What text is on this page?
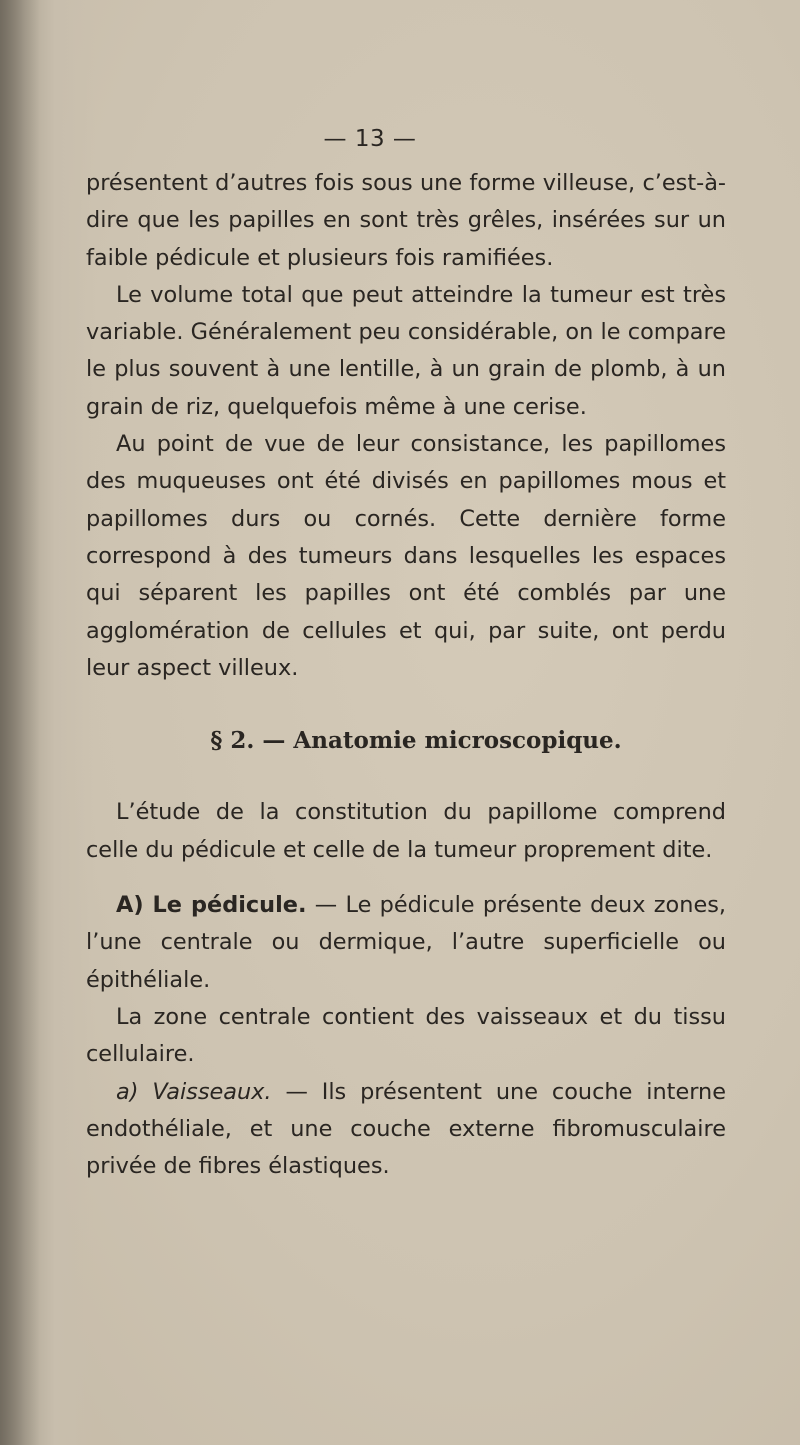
— 13 —

présentent d’autres fois sous une forme villeuse, c’est-à-dire que les papilles en sont très grêles, insérées sur un faible pédicule et plusieurs fois ramifiées.

Le volume total que peut atteindre la tumeur est très variable. Généralement peu considérable, on le compare le plus souvent à une lentille, à un grain de plomb, à un grain de riz, quelquefois même à une cerise.

Au point de vue de leur consistance, les papillomes des muqueuses ont été divisés en papillomes mous et papillomes durs ou cornés. Cette dernière forme correspond à des tumeurs dans lesquelles les espaces qui séparent les papilles ont été comblés par une agglomération de cellules et qui, par suite, ont perdu leur aspect villeux.

§ 2. — Anatomie microscopique.

L’étude de la constitution du papillome comprend celle du pédicule et celle de la tumeur proprement dite.

A) Le pédicule. — Le pédicule présente deux zones, l’une centrale ou dermique, l’autre superficielle ou épithéliale.

La zone centrale contient des vaisseaux et du tissu cellulaire.

a) Vaisseaux. — Ils présentent une couche interne endothéliale, et une couche externe fibromusculaire privée de fibres élastiques.
